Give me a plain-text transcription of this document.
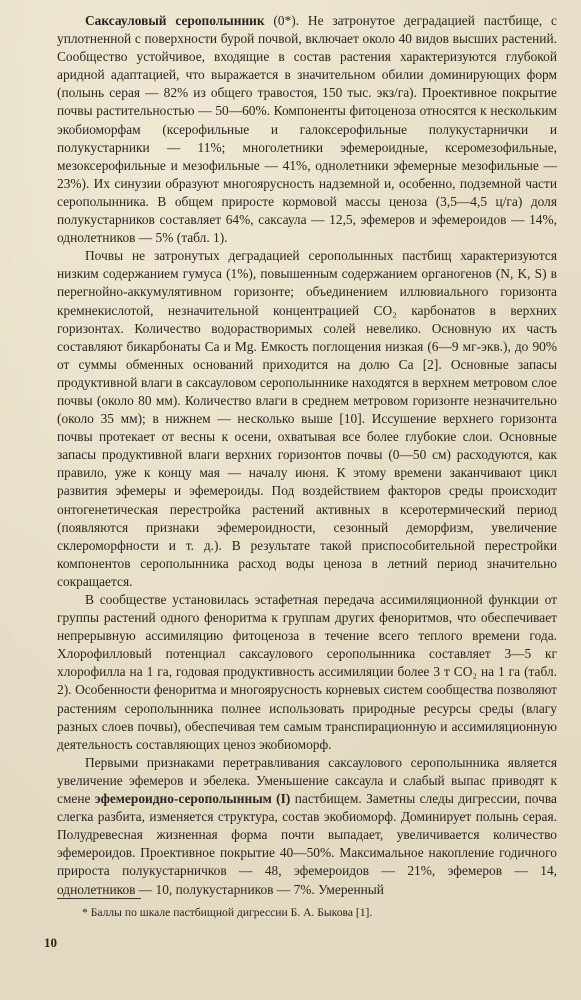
Саксауловый серополынник (0*). Не затронутое деградацией пастбище, с уплотненной с поверхности бурой почвой, включает около 40 видов высших растений. Сообщество устойчивое, входящие в состав растения характеризуются глубокой аридной адаптацией, что выражается в значительном обилии доминирующих форм (полынь серая — 82% из общего травостоя, 150 тыс. экз/га). Проективное покрытие почвы растительностью — 50—60%. Компоненты фитоценоза относятся к нескольким экобиоморфам (ксерофильные и галоксерофильные полукустарнички и полукустарники — 11%; многолетники эфемероидные, ксеромезофильные, мезоксерофильные и мезофильные — 41%, однолетники эфемерные мезофильные — 23%). Их синузии образуют многоярусность надземной и, особенно, подземной части серополынника. В общем приросте кормовой массы ценоза (3,5—4,5 ц/га) доля полукустарников составляет 64%, саксаула — 12,5, эфемеров и эфемероидов — 14%, однолетников — 5% (табл. 1).

Почвы не затронутых деградацией серополынных пастбищ характеризуются низким содержанием гумуса (1%), повышенным содержанием органогенов (N, K, S) в перегнойно-аккумулятивном горизонте; объединением иллювиального горизонта кремнекислотой, незначительной концентрацией CO₂ карбонатов в верхних горизонтах. Количество водорастворимых солей невелико. Основную их часть составляют бикарбонаты Ca и Mg. Емкость поглощения низкая (6—9 мг-экв.), до 90% от суммы обменных оснований приходится на долю Ca [2]. Основные запасы продуктивной влаги в саксауловом серополыннике находятся в верхнем метровом слое почвы (около 80 мм). Количество влаги в среднем метровом горизонте незначительно (около 35 мм); в нижнем — несколько выше [10]. Иссушение верхнего горизонта почвы протекает от весны к осени, охватывая все более глубокие слои. Основные запасы продуктивной влаги верхних горизонтов почвы (0—50 см) расходуются, как правило, уже к концу мая — началу июня. К этому времени заканчивают цикл развития эфемеры и эфемероиды. Под воздействием факторов среды происходит онтогенетическая перестройка растений активных в ксеротермический период (появляются признаки эфемероидности, сезонный деморфизм, увеличение склероморфности и т. д.). В результате такой приспособительной перестройки компонентов серополынника расход воды ценоза в летний период значительно сокращается.

В сообществе установилась эстафетная передача ассимиляционной функции от группы растений одного феноритма к группам других феноритмов, что обеспечивает непрерывную ассимиляцию фитоценоза в течение всего теплого времени года. Хлорофилловый потенциал саксаулового серополынника составляет 3—5 кг хлорофилла на 1 га, годовая продуктивность ассимиляции более 3 т CO₂ на 1 га (табл. 2). Особенности феноритма и многоярусность корневых систем сообщества позволяют растениям серополынника полнее использовать природные ресурсы среды (влагу разных слоев почвы), обеспечивая тем самым транспирационную и ассимиляционную деятельность составляющих ценоз экобиоморф.

Первыми признаками перетравливания саксаулового серополынника является увеличение эфемеров и эбелека. Уменьшение саксаула и слабый выпас приводят к смене эфемероидно-серополынным (I) пастбищем. Заметны следы дигрессии, почва слегка разбита, изменяется структура, состав экобиоморф. Доминирует полынь серая. Полудревесная жизненная форма почти выпадает, увеличивается количество эфемероидов. Проективное покрытие 40—50%. Максимальное накопление годичного прироста полукустарничков — 48, эфемероидов — 21%, эфемеров — 14, однолетников — 10, полукустарников — 7%. Умеренный

* Баллы по шкале пастбищной дигрессии Б. А. Быкова [1].
10
